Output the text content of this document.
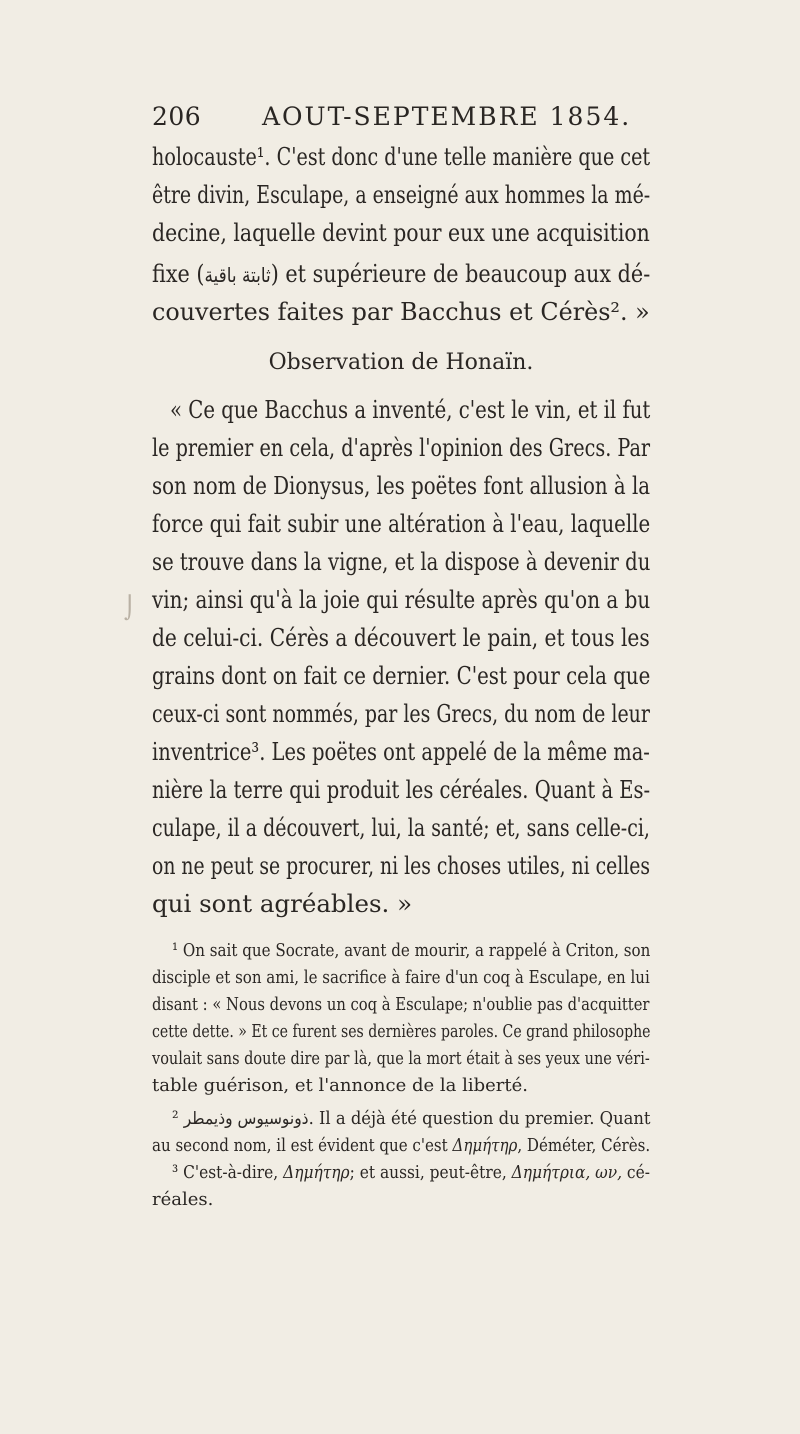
206 AOUT-SEPTEMBRE 1854.
holocauste¹. C'est donc d'une telle manière que cet
être divin, Esculape, a enseigné aux hommes la mé-
decine, laquelle devint pour eux une acquisition
fixe (ثابتة باقية) et supérieure de beaucoup aux dé-
couvertes faites par Bacchus et Cérès². »
Observation de Honaïn.
« Ce que Bacchus a inventé, c'est le vin, et il fut
le premier en cela, d'après l'opinion des Grecs. Par
son nom de Dionysus, les poëtes font allusion à la
force qui fait subir une altération à l'eau, laquelle
se trouve dans la vigne, et la dispose à devenir du
vin; ainsi qu'à la joie qui résulte après qu'on a bu
de celui-ci. Cérès a découvert le pain, et tous les
grains dont on fait ce dernier. C'est pour cela que
ceux-ci sont nommés, par les Grecs, du nom de leur
inventrice³. Les poëtes ont appelé de la même ma-
nière la terre qui produit les céréales. Quant à Es-
culape, il a découvert, lui, la santé; et, sans celle-ci,
on ne peut se procurer, ni les choses utiles, ni celles
qui sont agréables. »
¹ On sait que Socrate, avant de mourir, a rappelé à Criton, son
disciple et son ami, le sacrifice à faire d'un coq à Esculape, en lui
disant : « Nous devons un coq à Esculape; n'oublie pas d'acquitter
cette dette. » Et ce furent ses dernières paroles. Ce grand philosophe
voulait sans doute dire par là, que la mort était à ses yeux une véri-
table guérison, et l'annonce de la liberté.
² ذونوسيوس وذيمطر. Il a déjà été question du premier. Quant
au second nom, il est évident que c'est Δημήτηρ, Déméter, Cérès.
³ C'est-à-dire, Δημήτηρ; et aussi, peut-être, Δημήτρια, ων, cé-
réales.
⌡
